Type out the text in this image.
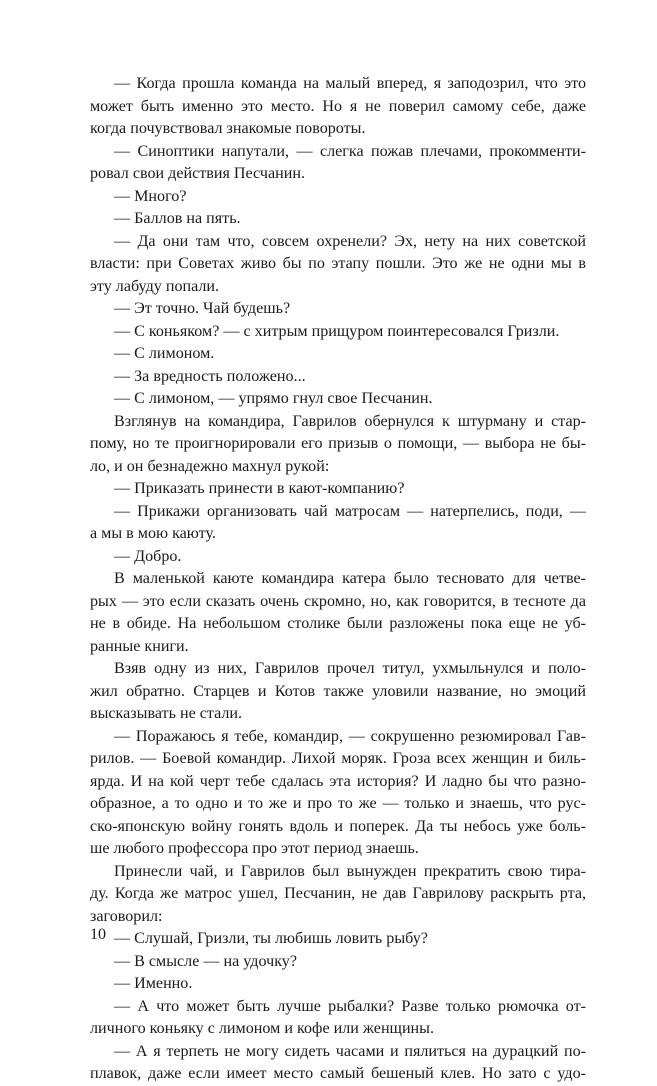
— Когда прошла команда на малый вперед, я заподозрил, что это
может быть именно это место. Но я не поверил самому себе, даже
когда почувствовал знакомые повороты.
— Синоптики напутали, — слегка пожав плечами, прокомменти-
ровал свои действия Песчанин.
— Много?
— Баллов на пять.
— Да они там что, совсем охренели? Эх, нету на них советской
власти: при Советах живо бы по этапу пошли. Это же не одни мы в
эту лабуду попали.
— Эт точно. Чай будешь?
— С коньяком? — с хитрым прищуром поинтересовался Гризли.
— С лимоном.
— За вредность положено...
— С лимоном, — упрямо гнул свое Песчанин.
Взглянув на командира, Гаврилов обернулся к штурману и стар-
пому, но те проигнорировали его призыв о помощи, — выбора не бы-
ло, и он безнадежно махнул рукой:
— Приказать принести в кают-компанию?
— Прикажи организовать чай матросам — натерпелись, поди, —
а мы в мою каюту.
— Добро.
В маленькой каюте командира катера было тесновато для четве-
рых — это если сказать очень скромно, но, как говорится, в тесноте да
не в обиде. На небольшом столике были разложены пока еще не уб-
ранные книги.
Взяв одну из них, Гаврилов прочел титул, ухмыльнулся и поло-
жил обратно. Старцев и Котов также уловили название, но эмоций
высказывать не стали.
— Поражаюсь я тебе, командир, — сокрушенно резюмировал Гав-
рилов. — Боевой командир. Лихой моряк. Гроза всех женщин и биль-
ярда. И на кой черт тебе сдалась эта история? И ладно бы что разно-
образное, а то одно и то же и про то же — только и знаешь, что рус-
ско-японскую войну гонять вдоль и поперек. Да ты небось уже боль-
ше любого профессора про этот период знаешь.
Принесли чай, и Гаврилов был вынужден прекратить свою тира-
ду. Когда же матрос ушел, Песчанин, не дав Гаврилову раскрыть рта,
заговорил:
— Слушай, Гризли, ты любишь ловить рыбу?
— В смысле — на удочку?
— Именно.
— А что может быть лучше рыбалки? Разве только рюмочка от-
личного коньяку с лимоном и кофе или женщины.
— А я терпеть не могу сидеть часами и пялиться на дурацкий по-
плавок, даже если имеет место самый бешеный клев. Но зато с удо-
10
